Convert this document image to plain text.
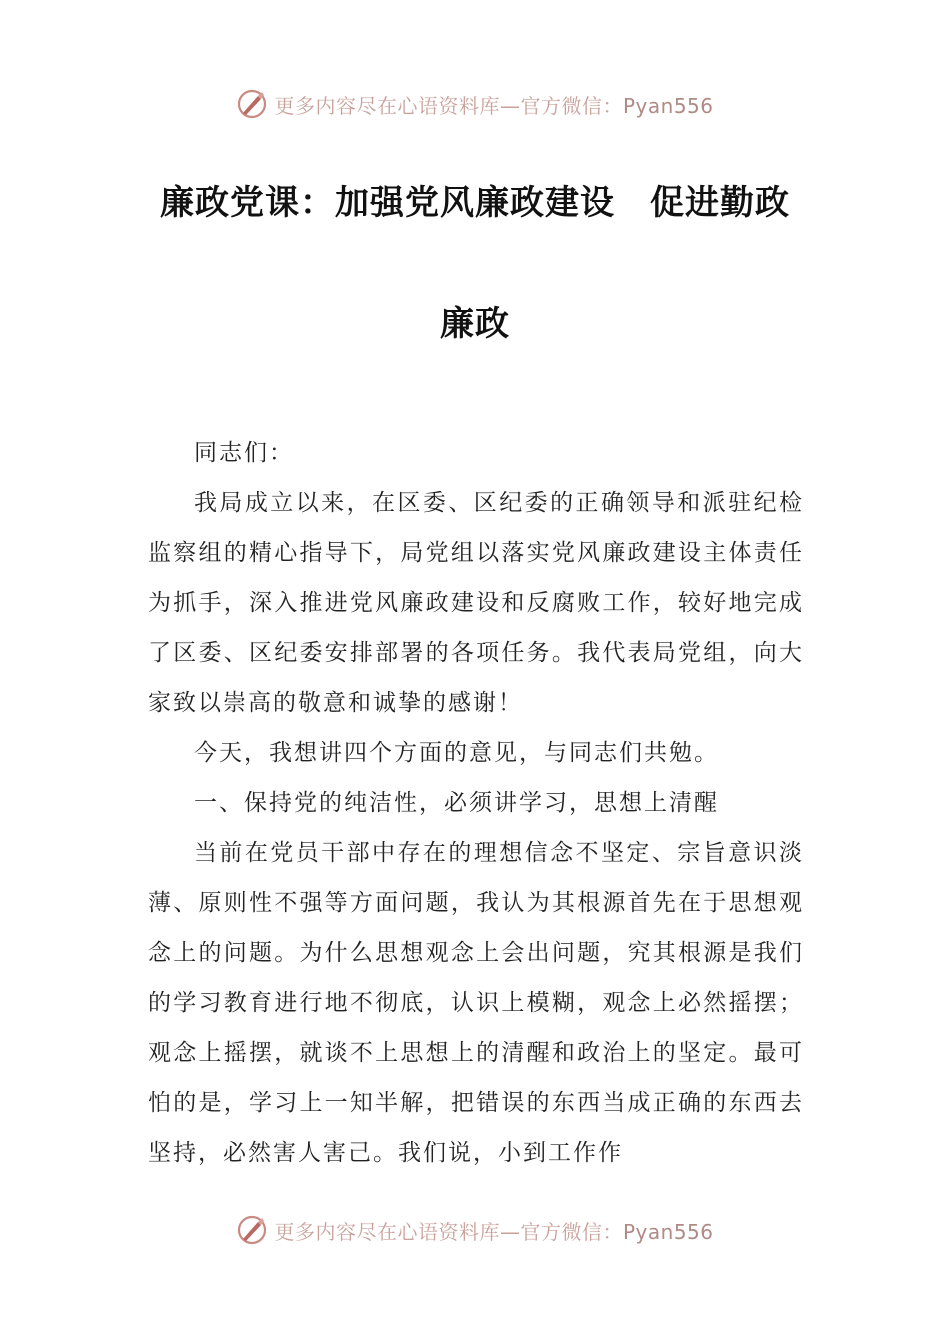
更多内容尽在心语资料库—官方微信：Pyan556
廉政党课：加强党风廉政建设　促进勤政
廉政

同志们：

我局成立以来，在区委、区纪委的正确领导和派驻纪检监察组的精心指导下，局党组以落实党风廉政建设主体责任为抓手，深入推进党风廉政建设和反腐败工作，较好地完成了区委、区纪委安排部署的各项任务。我代表局党组，向大家致以崇高的敬意和诚挚的感谢！

今天，我想讲四个方面的意见，与同志们共勉。

一、保持党的纯洁性，必须讲学习，思想上清醒

当前在党员干部中存在的理想信念不坚定、宗旨意识淡薄、原则性不强等方面问题，我认为其根源首先在于思想观念上的问题。为什么思想观念上会出问题，究其根源是我们的学习教育进行地不彻底，认识上模糊，观念上必然摇摆；观念上摇摆，就谈不上思想上的清醒和政治上的坚定。最可怕的是，学习上一知半解，把错误的东西当成正确的东西去坚持，必然害人害己。我们说，小到工作作

更多内容尽在心语资料库—官方微信：Pyan556
